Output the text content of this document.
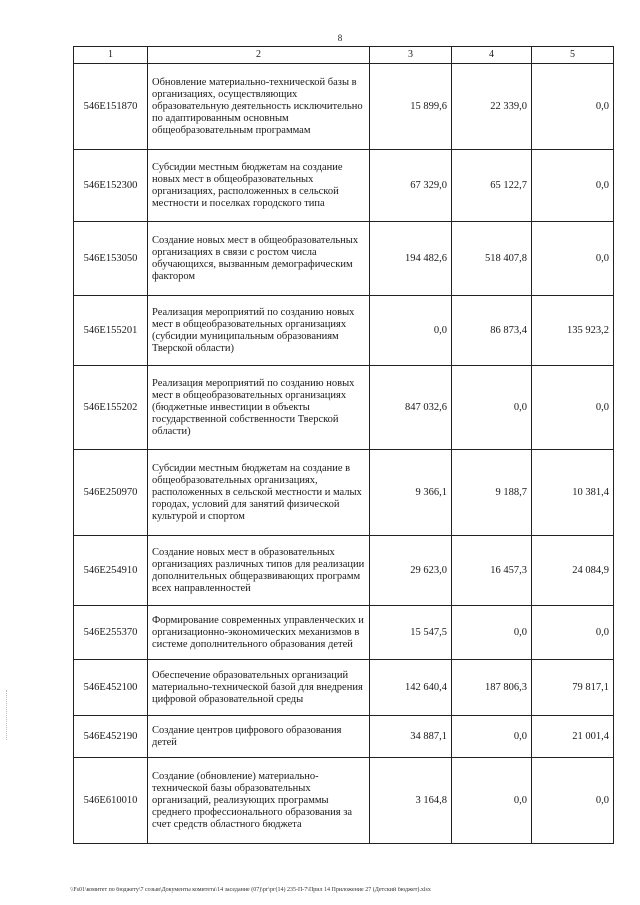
8
1	2	3	4	5
546E151870	Обновление материально-технической базы в организациях, осуществляющих образовательную деятельность исключительно по адаптированным основным общеобразовательным программам	15 899,6	22 339,0	0,0
546E152300	Субсидии местным бюджетам на создание новых мест в общеобразовательных организациях, расположенных в сельской местности и поселках городского типа	67 329,0	65 122,7	0,0
546E153050	Создание новых мест в общеобразовательных организациях в связи с ростом числа обучающихся, вызванным демографическим фактором	194 482,6	518 407,8	0,0
546E155201	Реализация мероприятий по созданию новых мест в общеобразовательных организациях (субсидии муниципальным образованиям Тверской области)	0,0	86 873,4	135 923,2
546E155202	Реализация мероприятий по созданию новых мест в общеобразовательных организациях (бюджетные инвестиции в объекты государственной собственности Тверской области)	847 032,6	0,0	0,0
546E250970	Субсидии местным бюджетам на создание в общеобразовательных организациях, расположенных в сельской местности и малых городах, условий для занятий физической культурой и спортом	9 366,1	9 188,7	10 381,4
546E254910	Создание новых мест в образовательных организациях различных типов для реализации дополнительных общеразвивающих программ всех направленностей	29 623,0	16 457,3	24 084,9
546E255370	Формирование современных управленческих и организационно-экономических механизмов в системе дополнительного образования детей	15 547,5	0,0	0,0
546E452100	Обеспечение образовательных организаций материально-технической базой для внедрения цифровой образовательной среды	142 640,4	187 806,3	79 817,1
546E452190	Создание центров цифрового образования детей	34 887,1	0,0	21 001,4
546E610010	Создание (обновление) материально-технической базы образовательных организаций, реализующих программы среднего профессионального образования за счет средств областного бюджета	3 164,8	0,0	0,0
\\Fs01\комитет по бюджету\7 созыв\Документы комитета\14 заседание (07)\рг\рг(14) 235-П-7\Прил 14 Приложение 27 (Детский бюджет).xlsx
